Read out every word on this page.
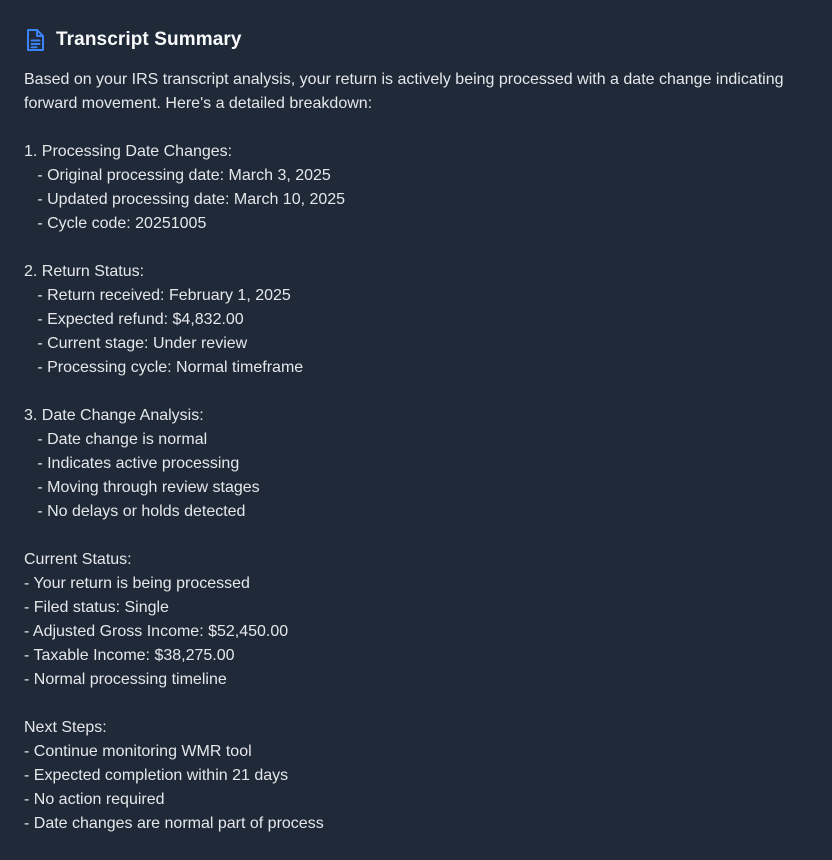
Transcript Summary

Based on your IRS transcript analysis, your return is actively being processed with a date change indicating forward movement. Here's a detailed breakdown:

1. Processing Date Changes:

- Original processing date: March 3, 2025

- Updated processing date: March 10, 2025

- Cycle code: 20251005

2. Return Status:

- Return received: February 1, 2025

- Expected refund: $4,832.00

- Current stage: Under review

- Processing cycle: Normal timeframe

3. Date Change Analysis:

- Date change is normal

- Indicates active processing

- Moving through review stages

- No delays or holds detected

Current Status:

- Your return is being processed

- Filed status: Single

- Adjusted Gross Income: $52,450.00

- Taxable Income: $38,275.00

- Normal processing timeline

Next Steps:

- Continue monitoring WMR tool

- Expected completion within 21 days

- No action required

- Date changes are normal part of process
